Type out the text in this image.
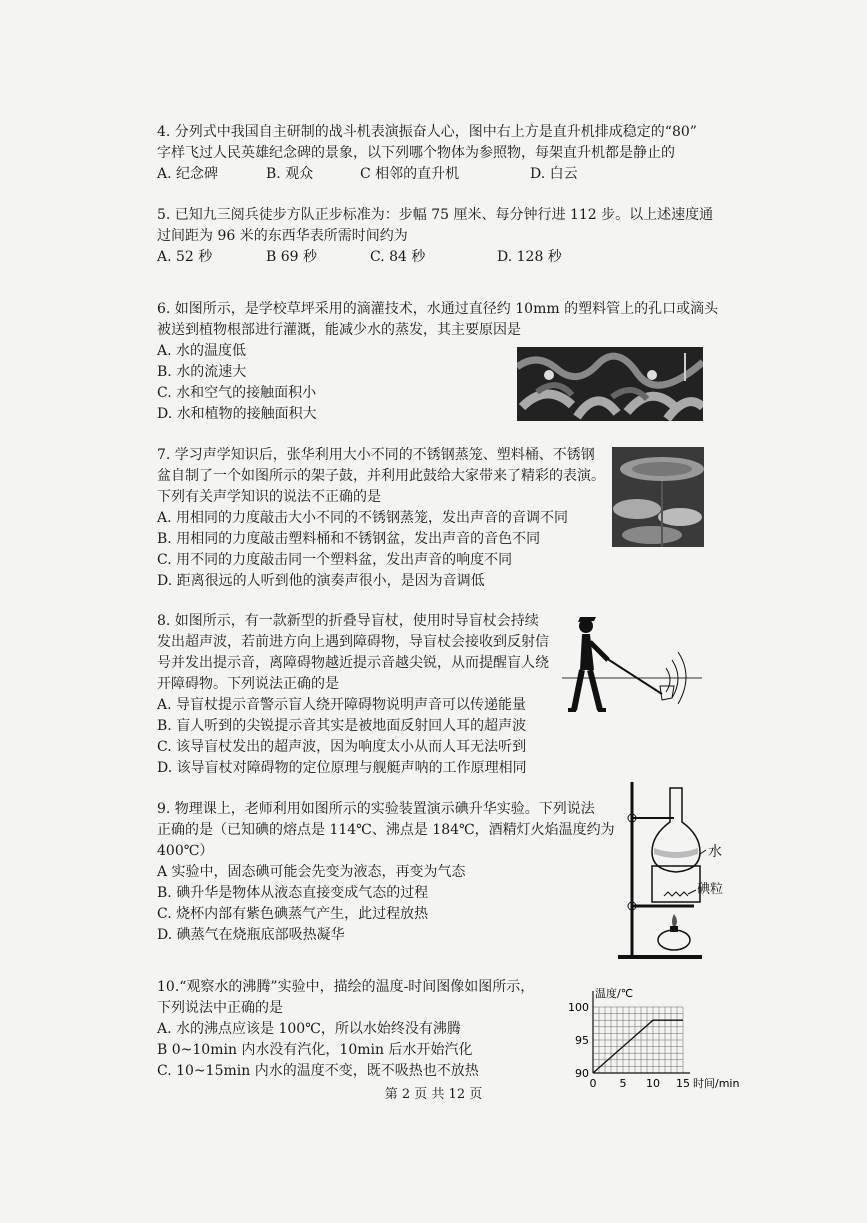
4. 分列式中我国自主研制的战斗机表演振奋人心，图中右上方是直升机排成稳定的“80”
字样飞过人民英雄纪念碑的景象，以下列哪个物体为参照物，每架直升机都是静止的
A. 纪念碑	B. 观众	C 相邻的直升机	D. 白云
5. 已知九三阅兵徒步方队正步标准为：步幅 75 厘米、每分钟行进 112 步。以上述速度通
过间距为 96 米的东西华表所需时间约为
A. 52 秒	B 69 秒	C. 84 秒	D. 128 秒
6. 如图所示，是学校草坪采用的滴灌技术，水通过直径约 10mm 的塑料管上的孔口或滴头
被送到植物根部进行灌溉，能减少水的蒸发，其主要原因是
A. 水的温度低
B. 水的流速大
C. 水和空气的接触面积小
D. 水和植物的接触面积大
7. 学习声学知识后，张华利用大小不同的不锈钢蒸笼、塑料桶、不锈钢
盆自制了一个如图所示的架子鼓，并利用此鼓给大家带来了精彩的表演。
下列有关声学知识的说法不正确的是
A. 用相同的力度敲击大小不同的不锈钢蒸笼，发出声音的音调不同
B. 用相同的力度敲击塑料桶和不锈钢盆，发出声音的音色不同
C. 用不同的力度敲击同一个塑料盆，发出声音的响度不同
D. 距离很远的人听到他的演奏声很小，是因为音调低
8. 如图所示，有一款新型的折叠导盲杖，使用时导盲杖会持续
发出超声波，若前进方向上遇到障碍物，导盲杖会接收到反射信
号并发出提示音，离障碍物越近提示音越尖锐，从而提醒盲人绕
开障碍物。下列说法正确的是
A. 导盲杖提示音警示盲人绕开障碍物说明声音可以传递能量
B. 盲人听到的尖锐提示音其实是被地面反射回人耳的超声波
C. 该导盲杖发出的超声波，因为响度太小从而人耳无法听到
D. 该导盲杖对障碍物的定位原理与舰艇声呐的工作原理相同
9. 物理课上，老师利用如图所示的实验装置演示碘升华实验。下列说法
正确的是（已知碘的熔点是 114℃、沸点是 184℃，酒精灯火焰温度约为
400℃）
A 实验中，固态碘可能会先变为液态，再变为气态
B. 碘升华是物体从液态直接变成气态的过程
C. 烧杯内部有紫色碘蒸气产生，此过程放热
D. 碘蒸气在烧瓶底部吸热凝华
水
碘粒
10.“观察水的沸腾”实验中，描绘的温度-时间图像如图所示，
下列说法中正确的是
A. 水的沸点应该是 100℃，所以水始终没有沸腾
B 0~10min 内水没有汽化，10min 后水开始汽化
C. 10~15min 内水的温度不变，既不吸热也不放热
温度/℃
时间/min
0 5 10 15
90
95
100
第 2 页 共 12 页
